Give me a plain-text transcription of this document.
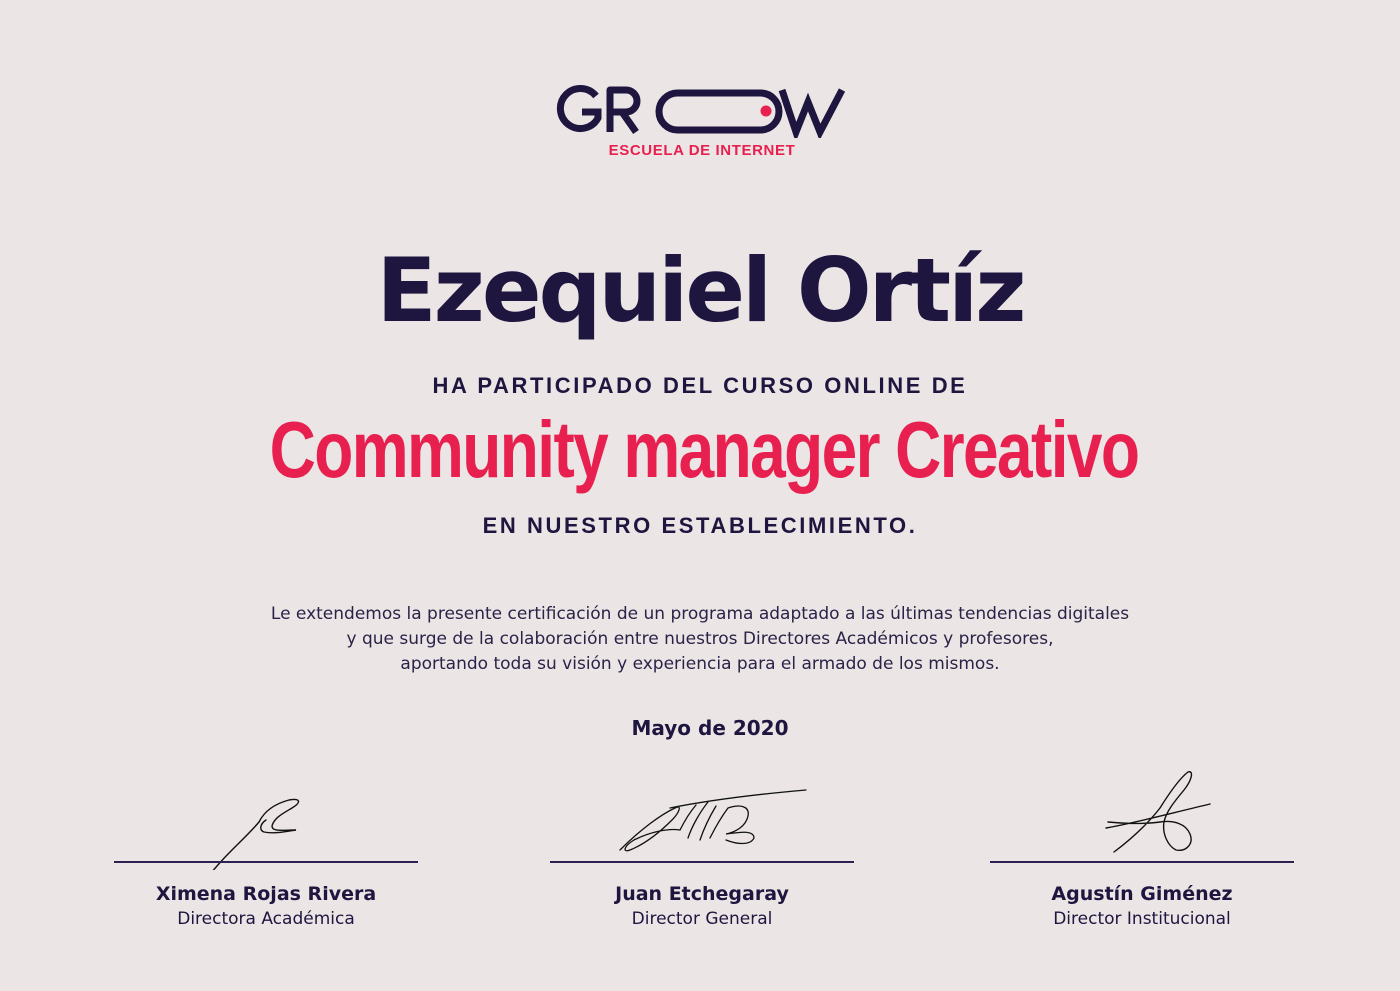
ESCUELA DE INTERNET
Ezequiel Ortíz
HA PARTICIPADO DEL CURSO ONLINE DE
Community manager Creativo
EN NUESTRO ESTABLECIMIENTO.
Le extendemos la presente certificación de un programa adaptado a las últimas tendencias digitales
y que surge de la colaboración entre nuestros Directores Académicos y profesores,
aportando toda su visión y experiencia para el armado de los mismos.
Mayo de 2020
Ximena Rojas Rivera
Directora Académica
Juan Etchegaray
Director General
Agustín Giménez
Director Institucional
